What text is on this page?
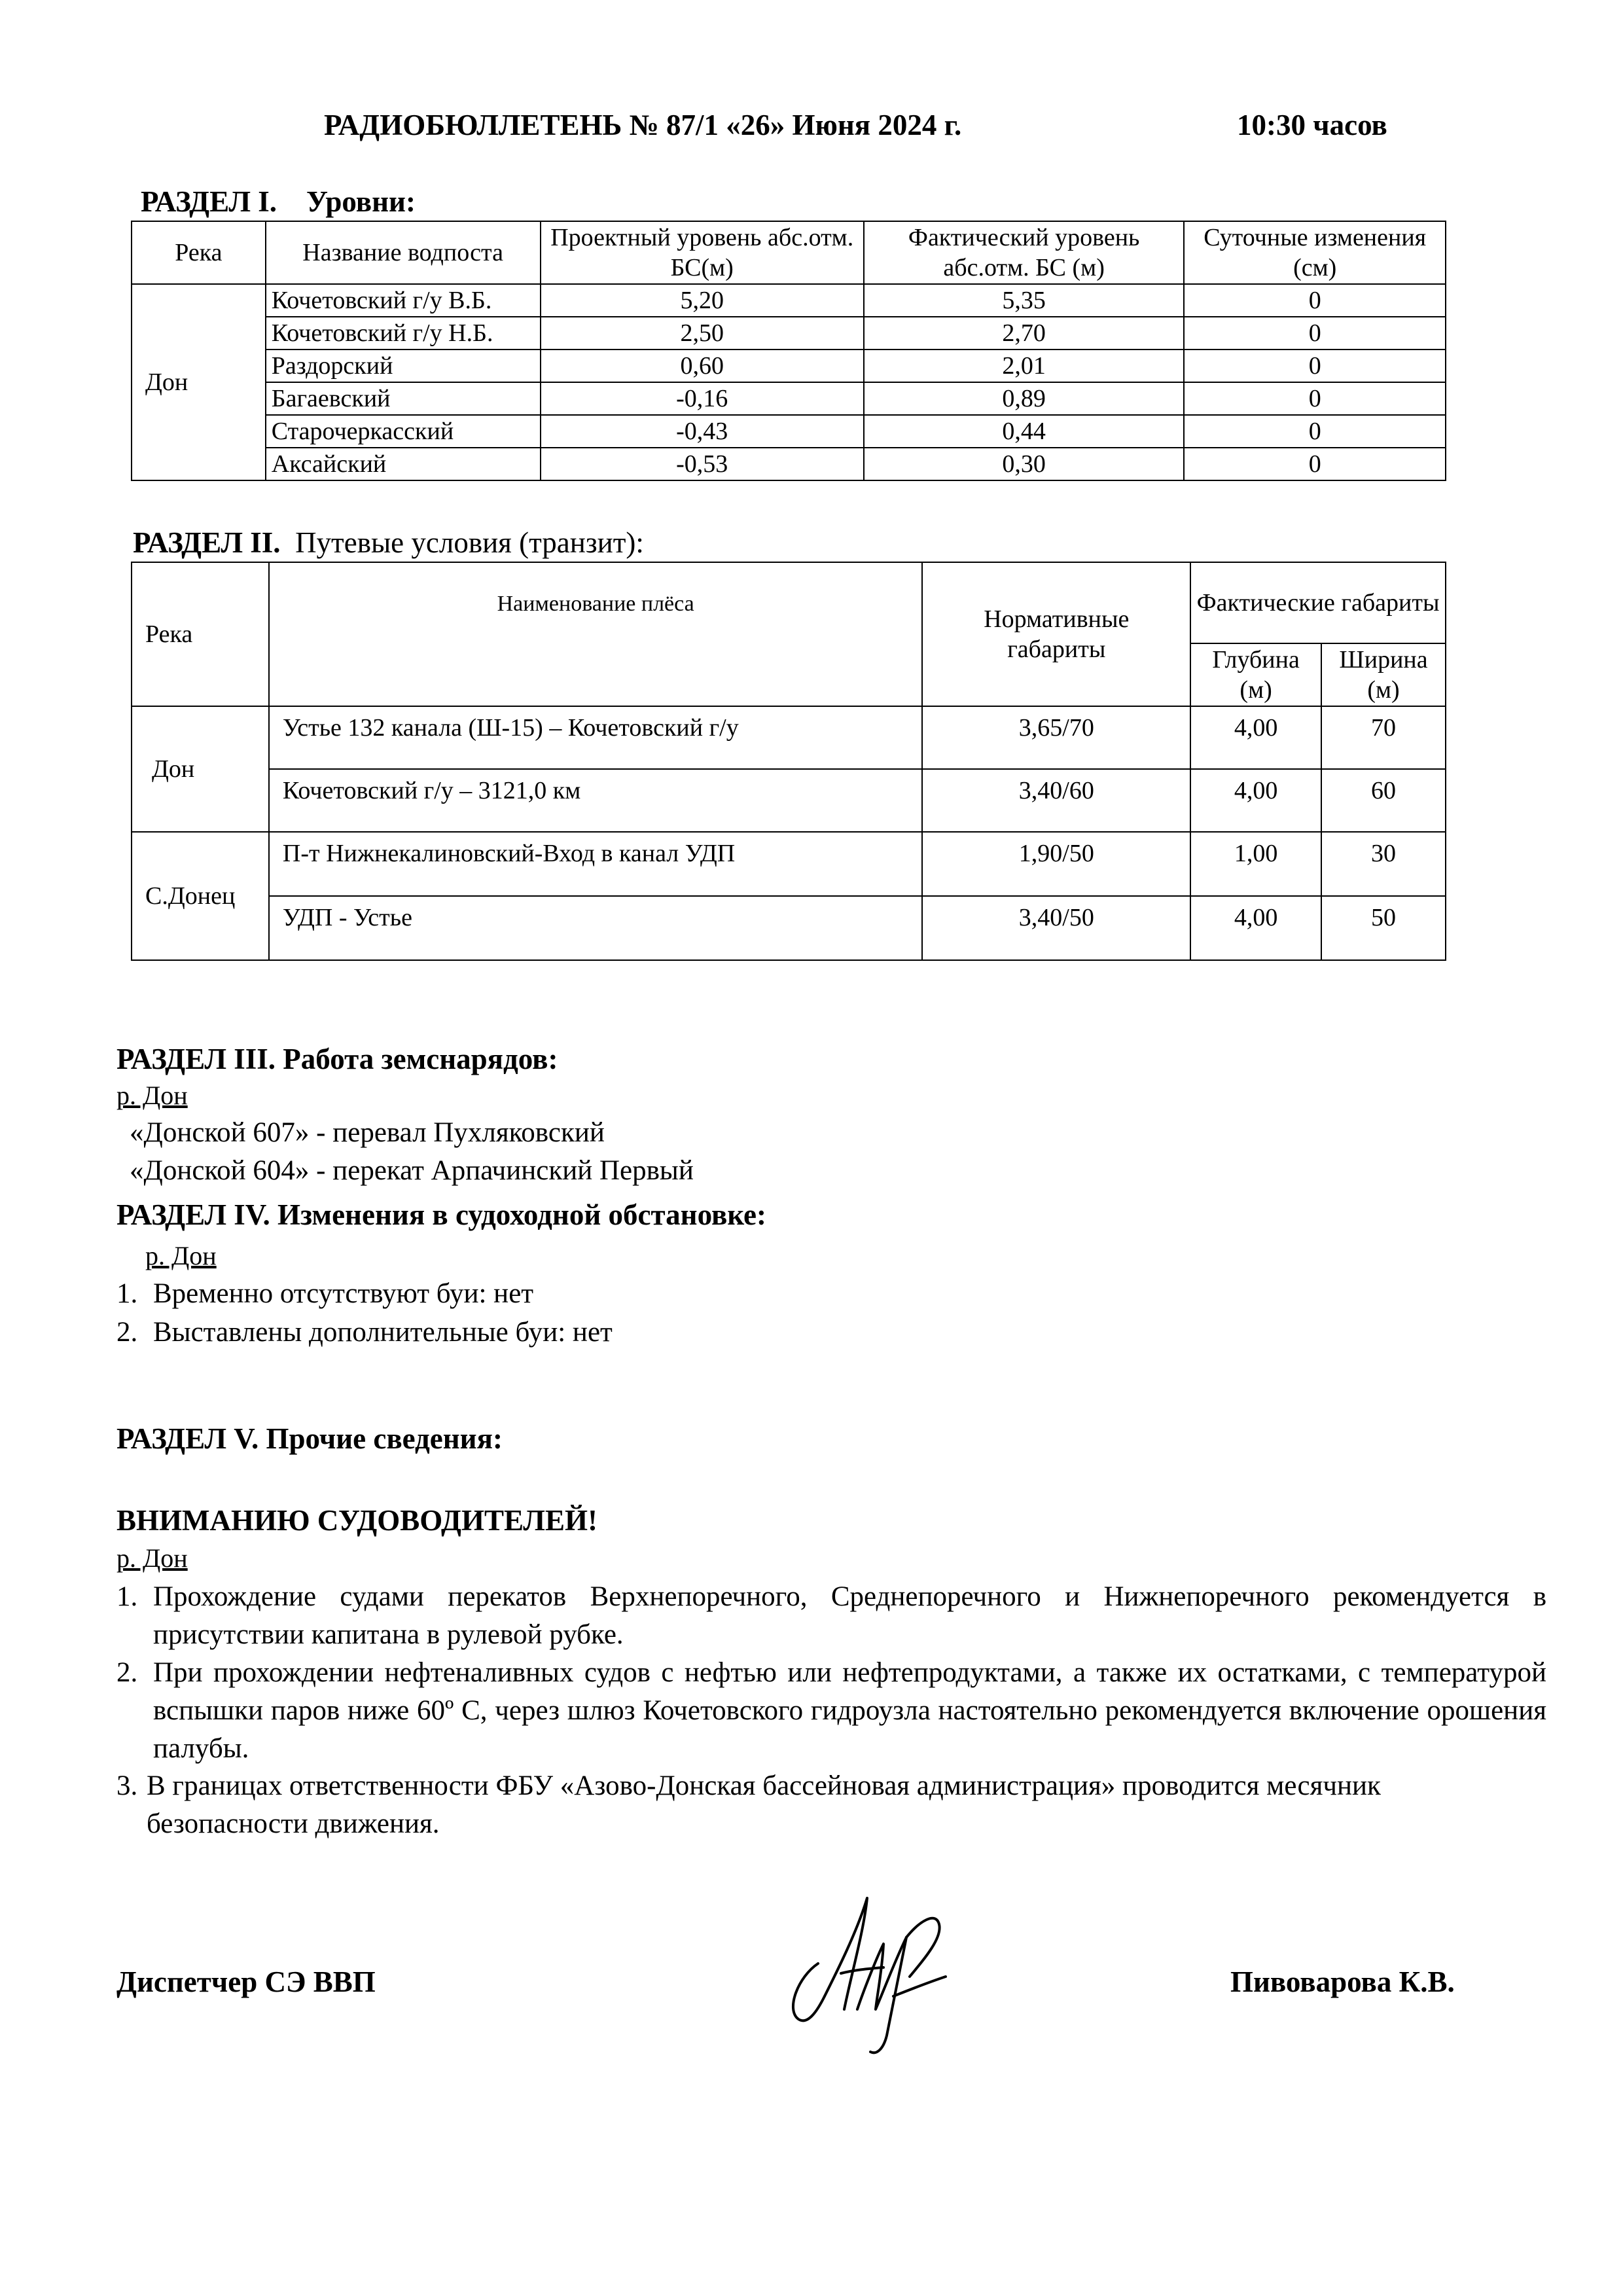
РАДИОБЮЛЛЕТЕНЬ № 87/1 «26» Июня 2024 г.	10:30 часов
РАЗДЕЛ I. Уровни:
Река	Название водпоста	Проектный уровень абс.отм. БС(м)	Фактический уровень абс.отм. БС (м)	Суточные изменения (см)
Дон	Кочетовский г/у В.Б.	5,20	5,35	0
	Кочетовский г/у Н.Б.	2,50	2,70	0
	Раздорский	0,60	2,01	0
	Багаевский	-0,16	0,89	0
	Старочеркасский	-0,43	0,44	0
	Аксайский	-0,53	0,30	0
РАЗДЕЛ II. Путевые условия (транзит):
Река	Наименование плёса	Нормативные габариты	Фактические габариты	
			Глубина (м)	Ширина (м)
Дон	Устье 132 канала (Ш-15) – Кочетовский г/у	3,65/70	4,00	70
	Кочетовский г/у – 3121,0 км	3,40/60	4,00	60
С.Донец	П-т Нижнекалиновский-Вход в канал УДП	1,90/50	1,00	30
	УДП - Устье	3,40/50	4,00	50
РАЗДЕЛ III. Работа земснарядов:
р. Дон
«Донской 607» - перевал Пухляковский
«Донской 604» - перекат Арпачинский Первый
РАЗДЕЛ IV. Изменения в судоходной обстановке:
р. Дон
1. Временно отсутствуют буи: нет
2. Выставлены дополнительные буи: нет
РАЗДЕЛ V. Прочие сведения:
ВНИМАНИЮ СУДОВОДИТЕЛЕЙ!
р. Дон
1. Прохождение судами перекатов Верхнепоречного, Среднепоречного и Нижнепоречного рекомендуется в присутствии капитана в рулевой рубке.
2. При прохождении нефтеналивных судов с нефтью или нефтепродуктами, а также их остатками, с температурой вспышки паров ниже 60º С, через шлюз Кочетовского гидроузла настоятельно рекомендуется включение орошения палубы.
3. В границах ответственности ФБУ «Азово-Донская бассейновая администрация» проводится месячник безопасности движения.
Диспетчер СЭ ВВП	Пивоварова К.В.
